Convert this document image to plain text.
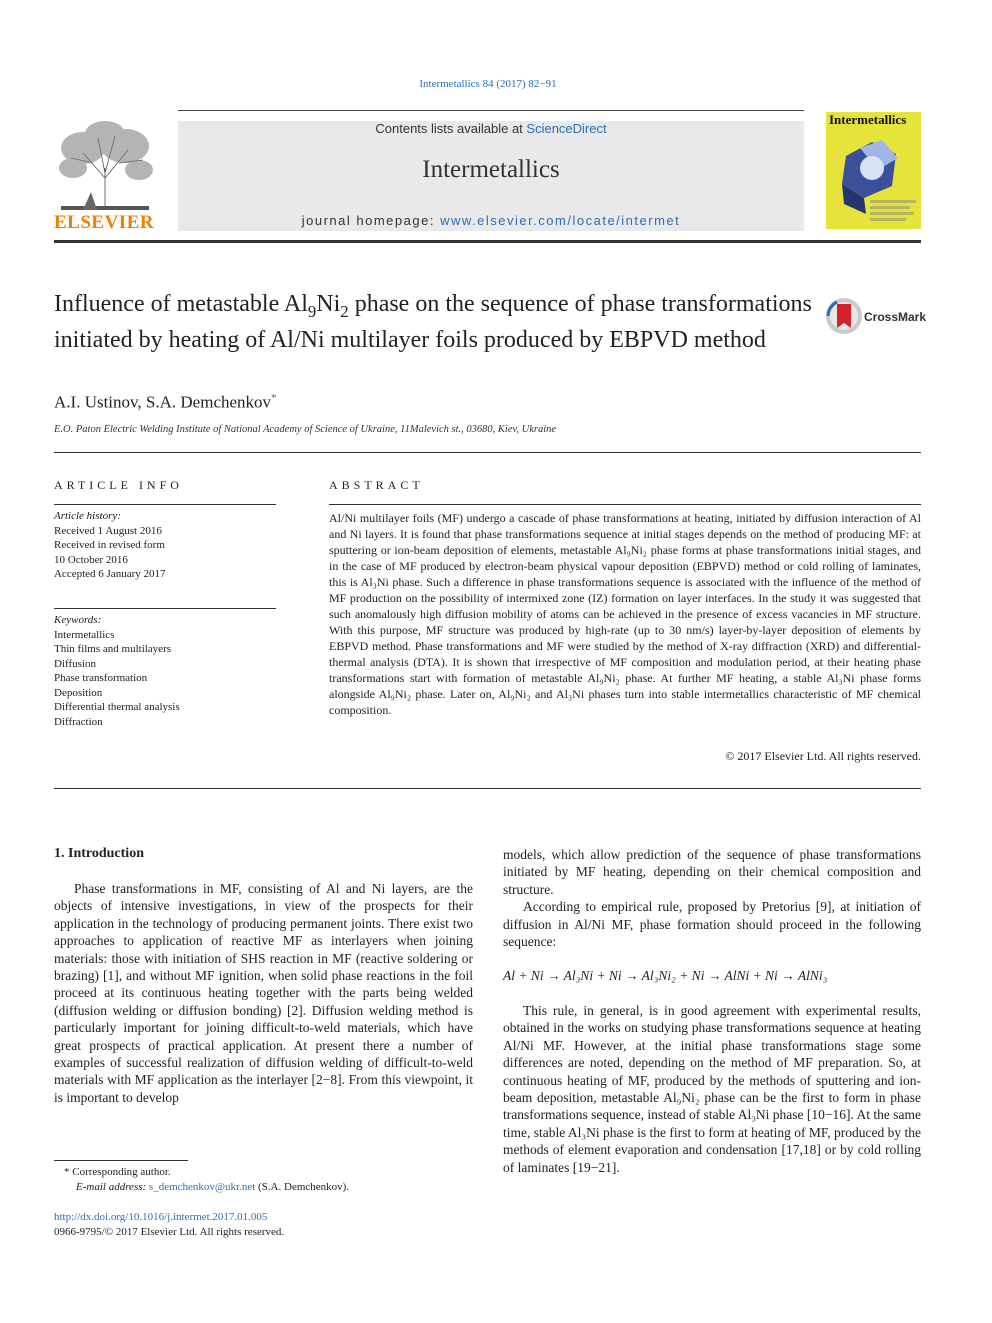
Intermetallics 84 (2017) 82−91
ELSEVIER
Contents lists available at ScienceDirect
Intermetallics
journal homepage: www.elsevier.com/locate/intermet
Intermetallics
Influence of metastable $Al_9Ni_2$ phase on the sequence of phase transformations initiated by heating of Al/Ni multilayer foils produced by EBPVD method
CrossMark
A.I. Ustinov, S.A. Demchenkov*
E.O. Paton Electric Welding Institute of National Academy of Science of Ukraine, 11Malevich st., 03680, Kiev, Ukraine
ARTICLE INFO
Article history:
Received 1 August 2016
Received in revised form
10 October 2016
Accepted 6 January 2017
Keywords:
Intermetallics
Thin films and multilayers
Diffusion
Phase transformation
Deposition
Differential thermal analysis
Diffraction
ABSTRACT
Al/Ni multilayer foils (MF) undergo a cascade of phase transformations at heating, initiated by diffusion interaction of Al and Ni layers. It is found that phase transformations sequence at initial stages depends on the method of producing MF: at sputtering or ion-beam deposition of elements, metastable Al₉Ni₂ phase forms at phase transformations initial stages, and in the case of MF produced by electron-beam physical vapour deposition (EBPVD) method or cold rolling of laminates, this is Al₃Ni phase. Such a difference in phase transformations sequence is associated with the influence of the method of MF production on the possibility of intermixed zone (IZ) formation on layer interfaces. In the study it was suggested that such anomalously high diffusion mobility of atoms can be achieved in the presence of excess vacancies in MF structure. With this purpose, MF structure was produced by high-rate (up to 30 nm/s) layer-by-layer deposition of elements by EBPVD method. Phase transformations and MF were studied by the method of X-ray diffraction (XRD) and differential-thermal analysis (DTA). It is shown that irrespective of MF composition and modulation period, at their heating phase transformations start with formation of metastable Al₉Ni₂ phase. At further MF heating, a stable Al₃Ni phase forms alongside Al₉Ni₂ phase. Later on, Al₉Ni₂ and Al₃Ni phases turn into stable intermetallics characteristic of MF chemical composition.
© 2017 Elsevier Ltd. All rights reserved.
1. Introduction

Phase transformations in MF, consisting of Al and Ni layers, are the objects of intensive investigations, in view of the prospects for their application in the technology of producing permanent joints. There exist two approaches to application of reactive MF as interlayers when joining materials: those with initiation of SHS reaction in MF (reactive soldering or brazing) [1], and without MF ignition, when solid phase reactions in the foil proceed at its continuous heating together with the parts being welded (diffusion welding or diffusion bonding) [2]. Diffusion welding method is particularly important for joining difficult-to-weld materials, which have great prospects of practical application. At present there a number of examples of successful realization of diffusion welding of difficult-to-weld materials with MF application as the interlayer [2−8]. From this viewpoint, it is important to develop

models, which allow prediction of the sequence of phase transformations initiated by MF heating, depending on their chemical composition and structure.

According to empirical rule, proposed by Pretorius [9], at initiation of diffusion in Al/Ni MF, phase formation should proceed in the following sequence:

Al + Ni → Al₃Ni + Ni → Al₃Ni₂ + Ni → AlNi + Ni → AlNi₃

This rule, in general, is in good agreement with experimental results, obtained in the works on studying phase transformations sequence at heating Al/Ni MF. However, at the initial phase transformations stage some differences are noted, depending on the method of MF preparation. So, at continuous heating of MF, produced by the methods of sputtering and ion-beam deposition, metastable Al₉Ni₂ phase can be the first to form in phase transformations sequence, instead of stable Al₃Ni phase [10−16]. At the same time, stable Al₃Ni phase is the first to form at heating of MF, produced by the methods of element evaporation and condensation [17,18] or by cold rolling of laminates [19−21].

* Corresponding author.
E-mail address: s_demchenkov@ukr.net (S.A. Demchenkov).
http://dx.doi.org/10.1016/j.intermet.2017.01.005
0966-9795/© 2017 Elsevier Ltd. All rights reserved.
